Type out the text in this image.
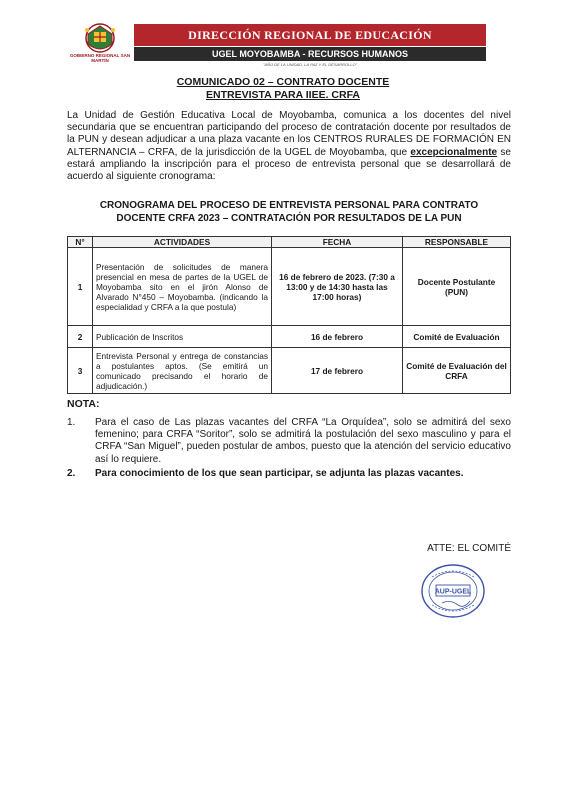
GOBIERNO REGIONAL SAN MARTÍN
DIRECCIÓN REGIONAL DE EDUCACIÓN
UGEL MOYOBAMBA - RECURSOS HUMANOS
"AÑO DE LA UNIDAD, LA PAZ Y EL DESARROLLO"
COMUNICADO 02 – CONTRATO DOCENTE
ENTREVISTA PARA IIEE. CRFA
La Unidad de Gestión Educativa Local de Moyobamba, comunica a los docentes del nivel secundaria que se encuentran participando del proceso de contratación docente por resultados de la PUN y desean adjudicar a una plaza vacante en los CENTROS RURALES DE FORMACIÓN EN ALTERNANCIA – CRFA, de la jurisdicción de la UGEL de Moyobamba, que excepcionalmente se estará ampliando la inscripción para el proceso de entrevista personal que se desarrollará de acuerdo al siguiente cronograma:
CRONOGRAMA DEL PROCESO DE ENTREVISTA PERSONAL PARA CONTRATO
DOCENTE CRFA 2023 – CONTRATACIÓN POR RESULTADOS DE LA PUN
N°	ACTIVIDADES	FECHA	RESPONSABLE
1	Presentación de solicitudes de manera presencial en mesa de partes de la UGEL de Moyobamba sito en el jirón Alonso de Alvarado N°450 – Moyobamba. (indicando la especialidad y CRFA a la que postula)	16 de febrero de 2023. (7:30 a 13:00 y de 14:30 hasta las 17:00 horas)	Docente Postulante (PUN)
2	Publicación de Inscritos	16 de febrero	Comité de Evaluación
3	Entrevista Personal y entrega de constancias a postulantes aptos. (Se emitirá un comunicado precisando el horario de adjudicación.)	17 de febrero	Comité de Evaluación del CRFA
NOTA:
1.	Para el caso de Las plazas vacantes del CRFA “La Orquídea”, solo se admitirá del sexo femenino; para CRFA “Soritor”, solo se admitirá la postulación del sexo masculino y para el CRFA “San Miguel”, pueden postular de ambos, puesto que la atención del servicio educativo así lo requiere.
2.	Para conocimiento de los que sean participar, se adjunta las plazas vacantes.
ATTE: EL COMITÉ
AUP-UGEL
